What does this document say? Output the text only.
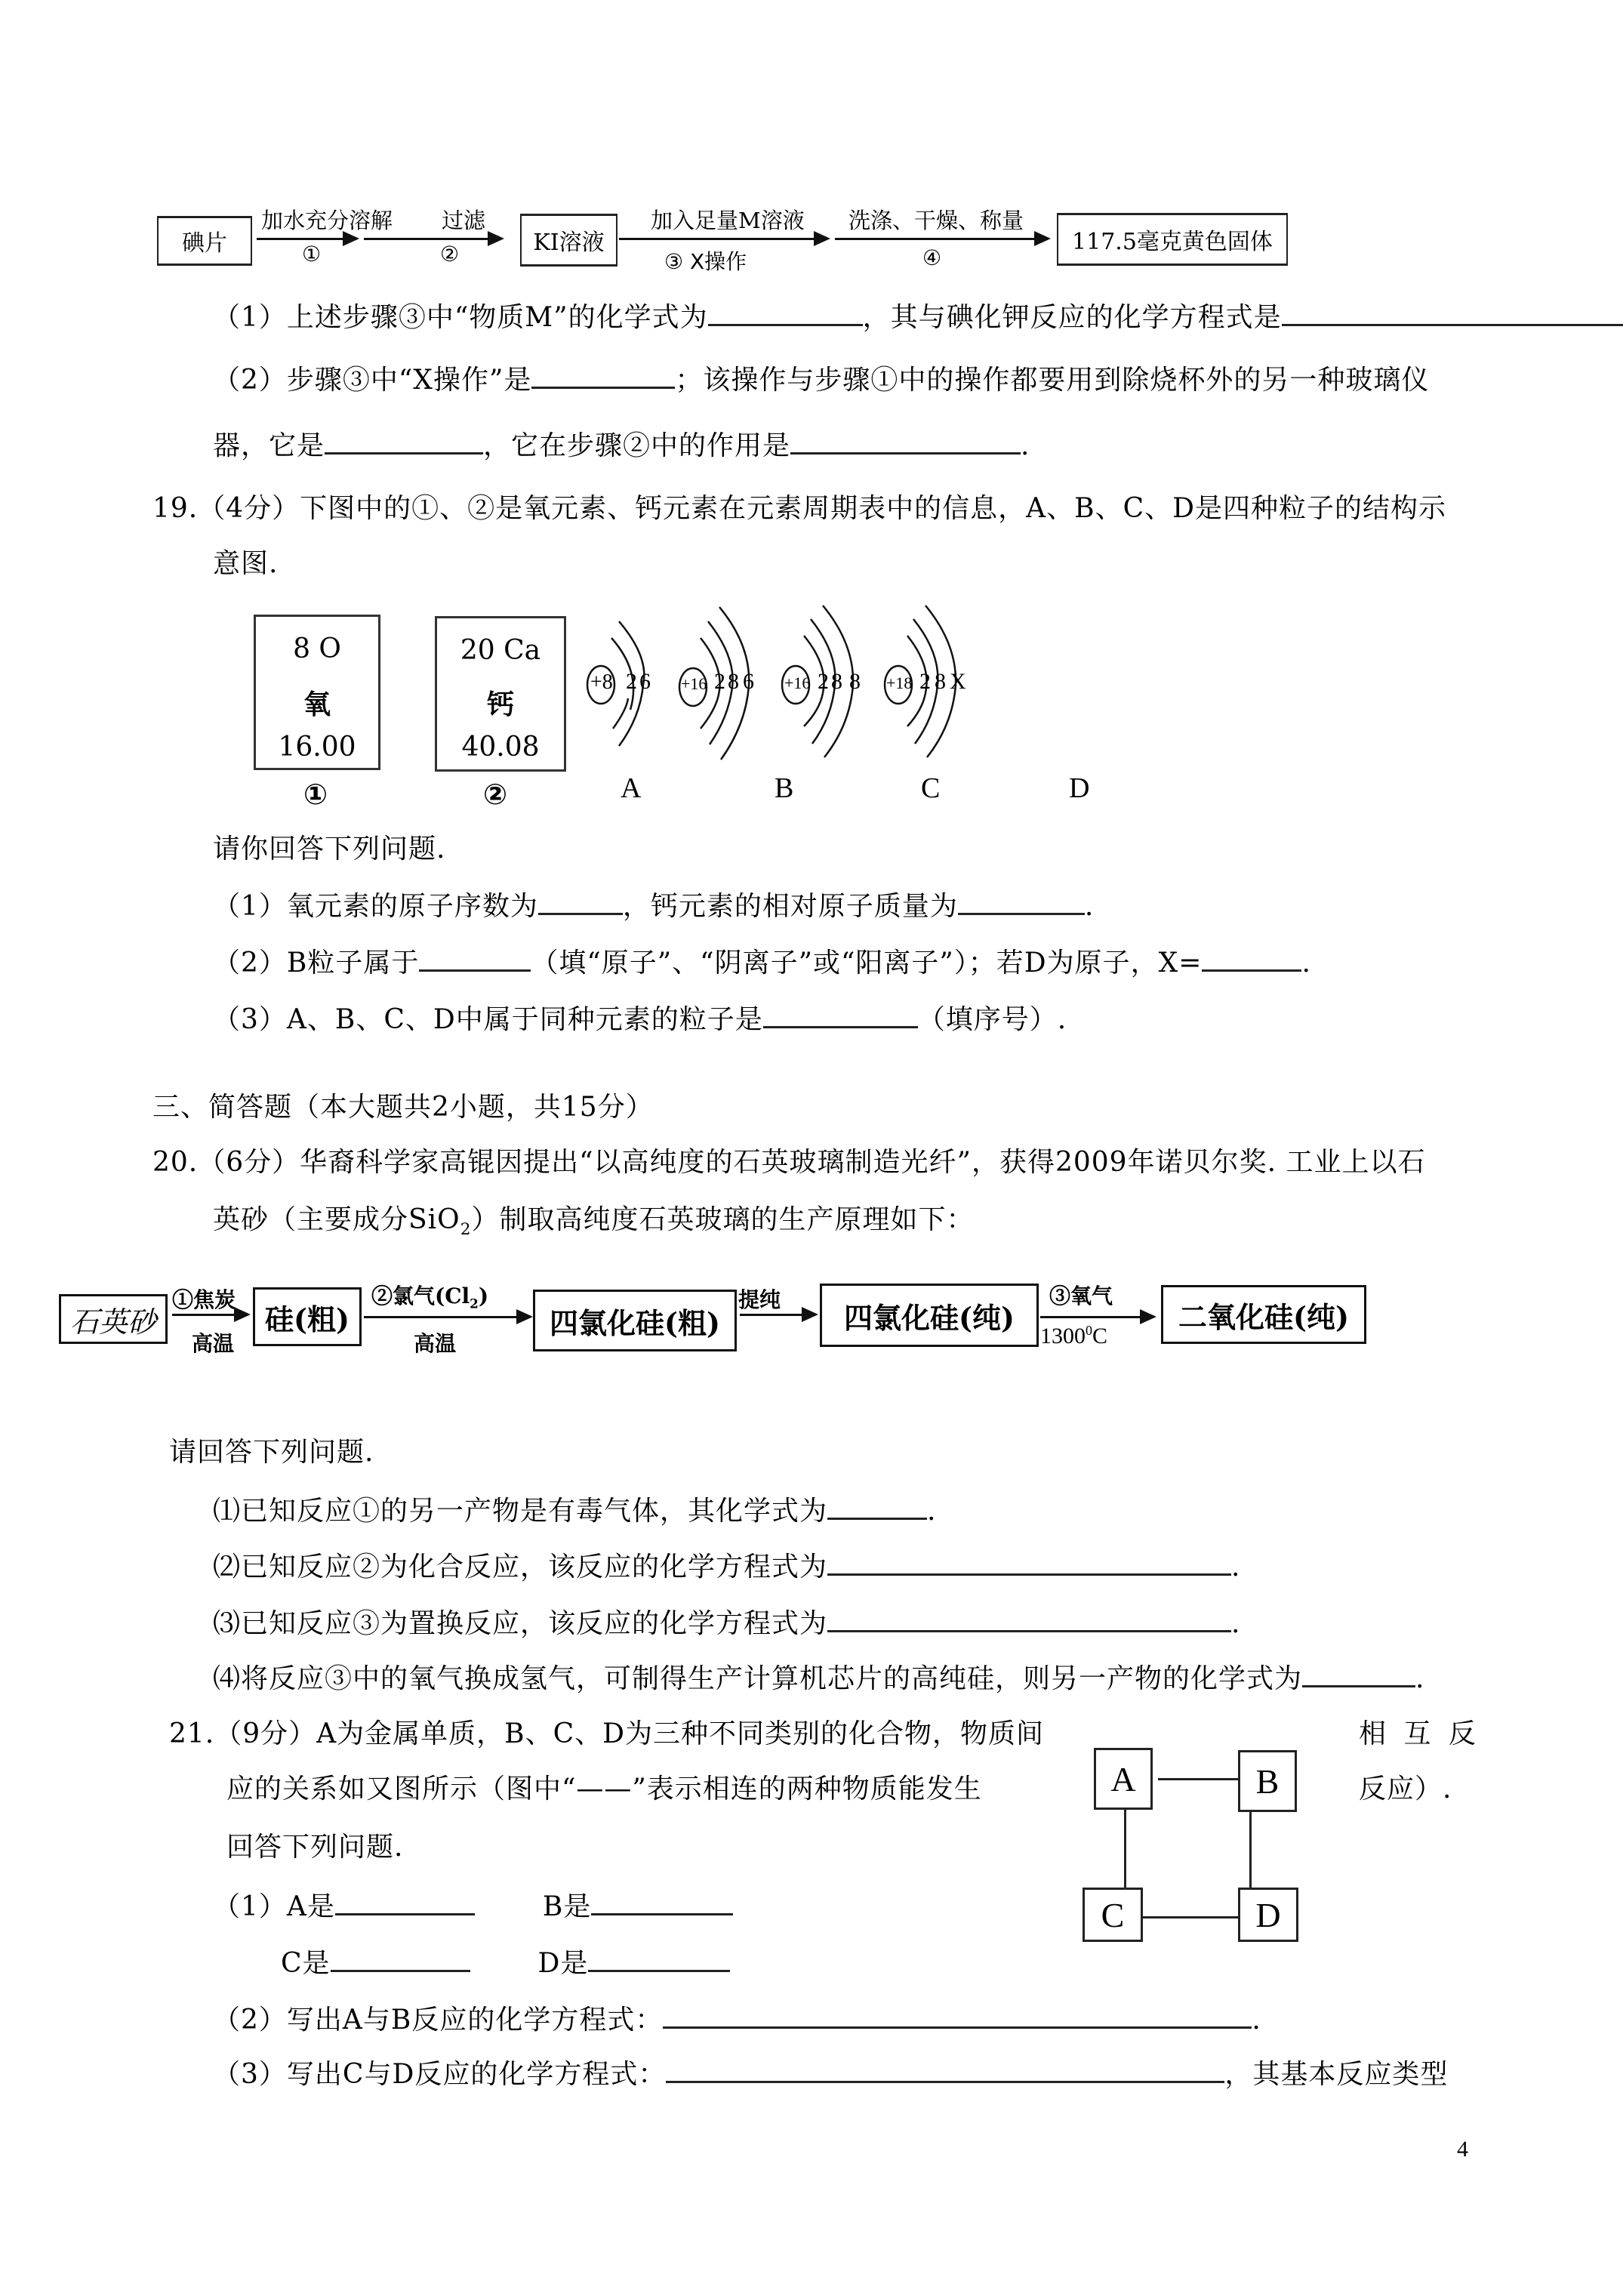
碘片
加水充分溶解
①
过滤
②	KI溶液
加入足量M溶液
③ X操作
洗涤、干燥、称量
④
117.5毫克黄色固体
（1）上述步骤③中“物质M”的化学式为	，其与碘化钾反应的化学方程式是
（2）步骤③中“X操作”是	；该操作与步骤①中的操作都要用到除烧杯外的另一种玻璃仪
器，它是	，它在步骤②中的作用是	.
19.（4分）下图中的①、②是氧元素、钙元素在元素周期表中的信息，A、B、C、D是四种粒子的结构示
意图.
8 O
氧
16.00
①
20 Ca
钙
40.08
②
+8 2 6
A
+16 2 8 6
B
+16 2 8 8
C
+18 2 8 X
D
请你回答下列问题.
（1）氧元素的原子序数为	，钙元素的相对原子质量为	.
（2）B粒子属于	（填“原子”、“阴离子”或“阳离子”）；若D为原子，X=	.
（3）A、B、C、D中属于同种元素的粒子是	（填序号）.
三、简答题（本大题共2小题，共15分）
20.（6分）华裔科学家高锟因提出“以高纯度的石英玻璃制造光纤”，获得2009年诺贝尔奖. 工业上以石
英砂（主要成分SiO$_2$）制取高纯度石英玻璃的生产原理如下：
石英砂
①焦炭
高温
硅(粗)
②氯气$(Cl_2)$
高温
四氯化硅(粗)
提纯
四氯化硅(纯)
③氧气
1300$^0$C
二氧化硅(纯)
请回答下列问题.
⑴已知反应①的另一产物是有毒气体，其化学式为	.
⑵已知反应②为化合反应，该反应的化学方程式为	.
⑶已知反应③为置换反应，该反应的化学方程式为	.
⑷将反应③中的氧气换成氢气，可制得生产计算机芯片的高纯硅，则另一产物的化学式为	.
21.（9分）A为金属单质，B、C、D为三种不同类别的化合物，物质间	相 互 反
应的关系如又图所示（图中“——”表示相连的两种物质能发生	反应）.
回答下列问题.
A	B
C	D
（1）A是	B是
C是	D是
（2）写出A与B反应的化学方程式：	.
（3）写出C与D反应的化学方程式：	，其基本反应类型
4
